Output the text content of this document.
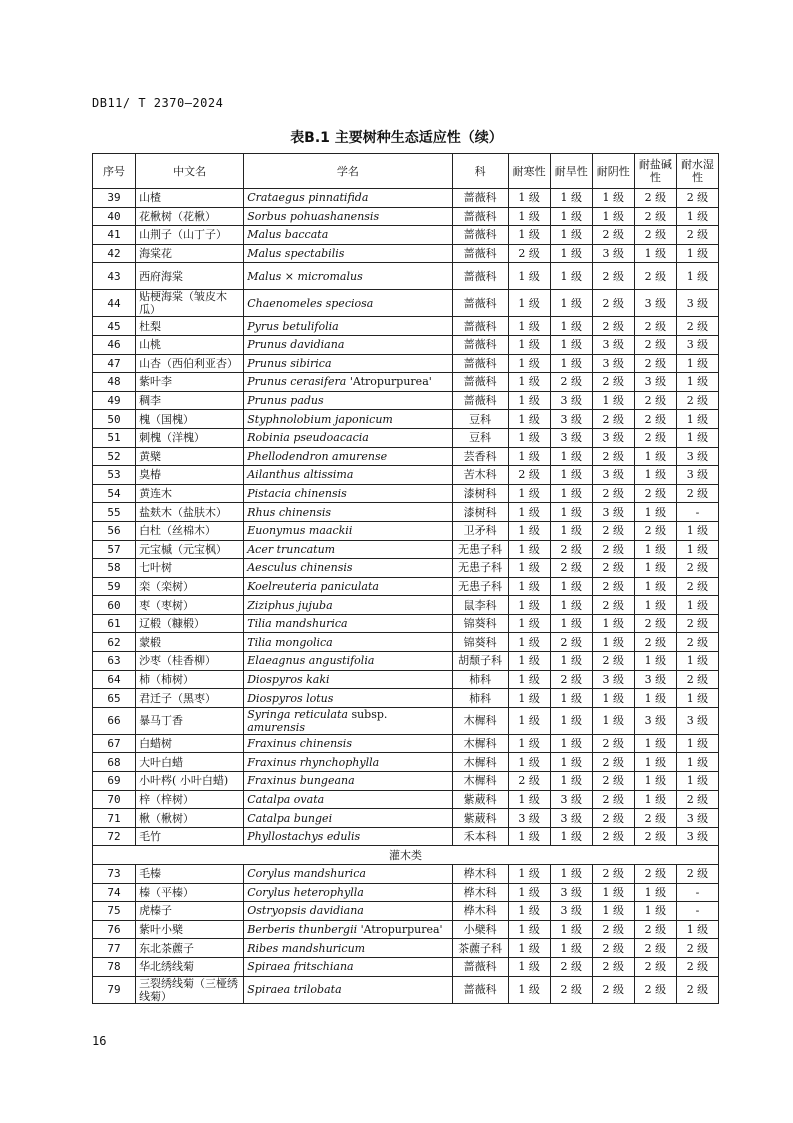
DB11/ T 2370—2024
表B.1 主要树种生态适应性（续）
序号	中文名	学名	科	耐寒性	耐旱性	耐阴性	耐盐碱性	耐水湿性
39	山楂	Crataegus pinnatifida	蔷薇科	1 级	1 级	1 级	2 级	2 级
40	花楸树（花楸）	Sorbus pohuashanensis	蔷薇科	1 级	1 级	1 级	2 级	1 级
41	山荆子（山丁子）	Malus baccata	蔷薇科	1 级	1 级	2 级	2 级	2 级
42	海棠花	Malus spectabilis	蔷薇科	2 级	1 级	3 级	1 级	1 级
43	西府海棠	Malus × micromalus	蔷薇科	1 级	1 级	2 级	2 级	1 级
44	贴梗海棠（皱皮木瓜）	Chaenomeles speciosa	蔷薇科	1 级	1 级	2 级	3 级	3 级
45	杜梨	Pyrus betulifolia	蔷薇科	1 级	1 级	2 级	2 级	2 级
46	山桃	Prunus davidiana	蔷薇科	1 级	1 级	3 级	2 级	3 级
47	山杏（西伯利亚杏）	Prunus sibirica	蔷薇科	1 级	1 级	3 级	2 级	1 级
48	紫叶李	Prunus cerasifera 'Atropurpurea'	蔷薇科	1 级	2 级	2 级	3 级	1 级
49	稠李	Prunus padus	蔷薇科	1 级	3 级	1 级	2 级	2 级
50	槐（国槐）	Styphnolobium japonicum	豆科	1 级	3 级	2 级	2 级	1 级
51	刺槐（洋槐）	Robinia pseudoacacia	豆科	1 级	3 级	3 级	2 级	1 级
52	黄檗	Phellodendron amurense	芸香科	1 级	1 级	2 级	1 级	3 级
53	臭椿	Ailanthus altissima	苦木科	2 级	1 级	3 级	1 级	3 级
54	黄连木	Pistacia chinensis	漆树科	1 级	1 级	2 级	2 级	2 级
55	盐麸木（盐肤木）	Rhus chinensis	漆树科	1 级	1 级	3 级	1 级	-
56	白杜（丝棉木）	Euonymus maackii	卫矛科	1 级	1 级	2 级	2 级	1 级
57	元宝槭（元宝枫）	Acer truncatum	无患子科	1 级	2 级	2 级	1 级	1 级
58	七叶树	Aesculus chinensis	无患子科	1 级	2 级	2 级	1 级	2 级
59	栾（栾树）	Koelreuteria paniculata	无患子科	1 级	1 级	2 级	1 级	2 级
60	枣（枣树）	Ziziphus jujuba	鼠李科	1 级	1 级	2 级	1 级	1 级
61	辽椴（糠椴）	Tilia mandshurica	锦葵科	1 级	1 级	1 级	2 级	2 级
62	蒙椴	Tilia mongolica	锦葵科	1 级	2 级	1 级	2 级	2 级
63	沙枣（桂香柳）	Elaeagnus angustifolia	胡颓子科	1 级	1 级	2 级	1 级	1 级
64	柿（柿树）	Diospyros kaki	柿科	1 级	2 级	3 级	3 级	2 级
65	君迁子（黑枣）	Diospyros lotus	柿科	1 级	1 级	1 级	1 级	1 级
66	暴马丁香	Syringa reticulata subsp. amurensis	木樨科	1 级	1 级	1 级	3 级	3 级
67	白蜡树	Fraxinus chinensis	木樨科	1 级	1 级	2 级	1 级	1 级
68	大叶白蜡	Fraxinus rhynchophylla	木樨科	1 级	1 级	2 级	1 级	1 级
69	小叶梣( 小叶白蜡)	Fraxinus bungeana	木樨科	2 级	1 级	2 级	1 级	1 级
70	梓（梓树）	Catalpa ovata	紫葳科	1 级	3 级	2 级	1 级	2 级
71	楸（楸树）	Catalpa bungei	紫葳科	3 级	3 级	2 级	2 级	3 级
72	毛竹	Phyllostachys edulis	禾本科	1 级	1 级	2 级	2 级	3 级
灌木类								
73	毛榛	Corylus mandshurica	桦木科	1 级	1 级	2 级	2 级	2 级
74	榛（平榛）	Corylus heterophylla	桦木科	1 级	3 级	1 级	1 级	-
75	虎榛子	Ostryopsis davidiana	桦木科	1 级	3 级	1 级	1 级	-
76	紫叶小檗	Berberis thunbergii 'Atropurpurea'	小檗科	1 级	1 级	2 级	2 级	1 级
77	东北茶藨子	Ribes mandshuricum	茶藨子科	1 级	1 级	2 级	2 级	2 级
78	华北绣线菊	Spiraea fritschiana	蔷薇科	1 级	2 级	2 级	2 级	2 级
79	三裂绣线菊（三桠绣线菊）	Spiraea trilobata	蔷薇科	1 级	2 级	2 级	2 级	2 级
16
